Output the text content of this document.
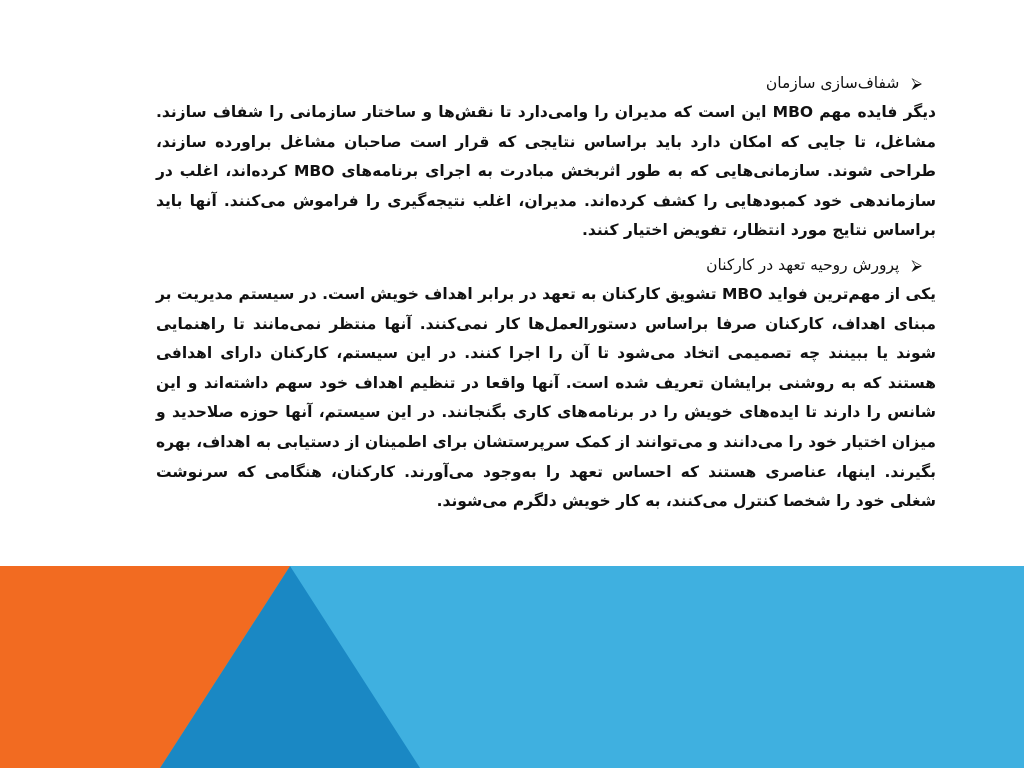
⮚
شفاف‌سازی سازمان
دیگر فایده مهم MBO این است که مدیران را وامی‌دارد تا نقش‌ها و ساختار سازمانی را شفاف سازند. مشاغل، تا جایی که امکان دارد باید براساس نتایجی که قرار است صاحبان مشاغل براورده سازند، طراحی شوند. سازمانی‌هایی که به طور اثربخش مبادرت به اجرای برنامه‌های MBO کرده‌اند، اغلب در سازماندهی خود کمبودهایی را کشف کرده‌اند. مدیران، اغلب نتیجه‌گیری را فراموش می‌کنند. آنها باید براساس نتایج مورد انتظار، تفویض اختیار کنند.
⮚
پرورش روحیه تعهد در کارکنان
یکی از مهم‌ترین فواید MBO تشویق کارکنان به تعهد در برابر اهداف خویش است. در سیستم مدیریت بر مبنای اهداف، کارکنان صرفا براساس دستورالعمل‌ها کار نمی‌کنند. آنها منتظر نمی‌مانند تا راهنمایی شوند یا ببینند چه تصمیمی اتخاد می‌شود تا آن را اجرا کنند. در این سیستم، کارکنان دارای اهدافی هستند که به روشنی برایشان تعریف شده است. آنها واقعا در تنظیم اهداف خود سهم داشته‌اند و این شانس را دارند تا ایده‌های خویش را در برنامه‌های کاری بگنجانند. در این سیستم، آنها حوزه صلاحدید و میزان اختیار خود را می‌دانند و می‌توانند از کمک سرپرستشان برای اطمینان از دستیابی به اهداف، بهره بگیرند. اینها، عناصری هستند که احساس تعهد را به‌وجود می‌آورند. کارکنان، هنگامی که سرنوشت شغلی خود را شخصا کنترل می‌کنند، به کار خویش دلگرم می‌شوند.
